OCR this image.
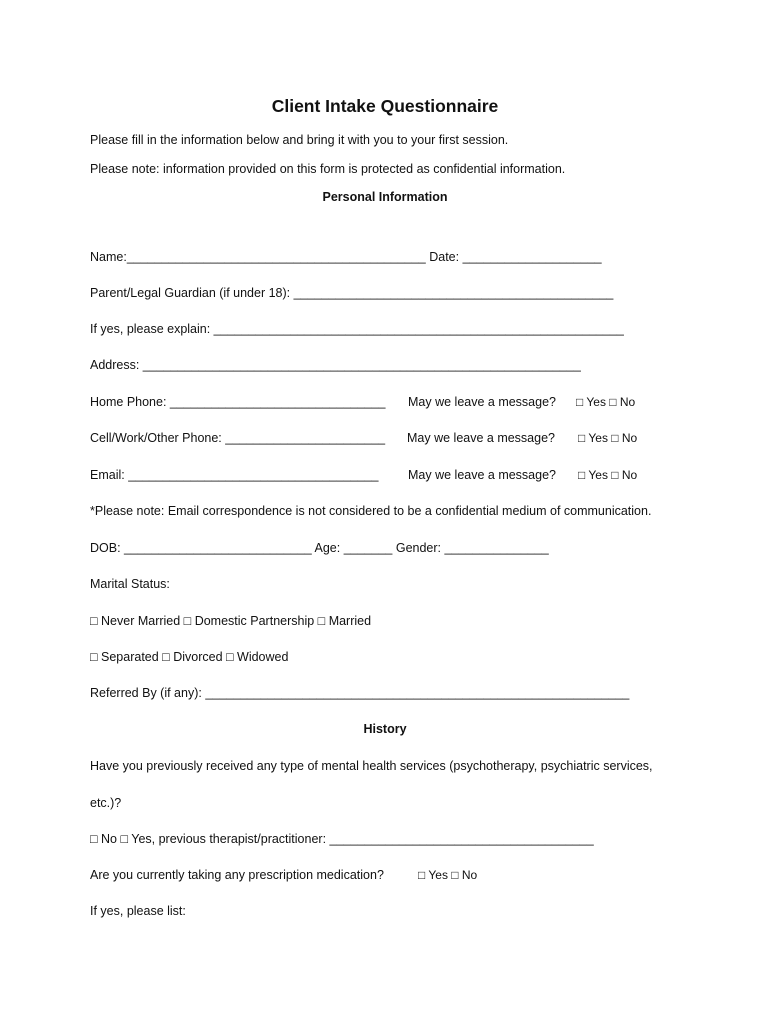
Client Intake Questionnaire
Please fill in the information below and bring it with you to your first session.
Please note: information provided on this form is protected as confidential information.
Personal Information
Name:___________________________________________ Date: ____________________
Parent/Legal Guardian (if under 18): ______________________________________________
If yes, please explain: ___________________________________________________________
Address: _______________________________________________________________

Home Phone: _______________________________

May we leave a message?

□ Yes □ No

Cell/Work/Other Phone: _______________________

May we leave a message?

□ Yes □ No

Email: ____________________________________

May we leave a message?

□ Yes □ No

*Please note: Email correspondence is not considered to be a confidential medium of communication.
DOB: ___________________________ Age: _______ Gender: _______________
Marital Status:
□ Never Married □ Domestic Partnership □ Married
□ Separated □ Divorced □ Widowed
Referred By (if any): _____________________________________________________________
History
Have you previously received any type of mental health services (psychotherapy, psychiatric services,
etc.)?
□ No □ Yes, previous therapist/practitioner: ______________________________________

Are you currently taking any prescription medication?

	□ Yes □ No

If yes, please list:
